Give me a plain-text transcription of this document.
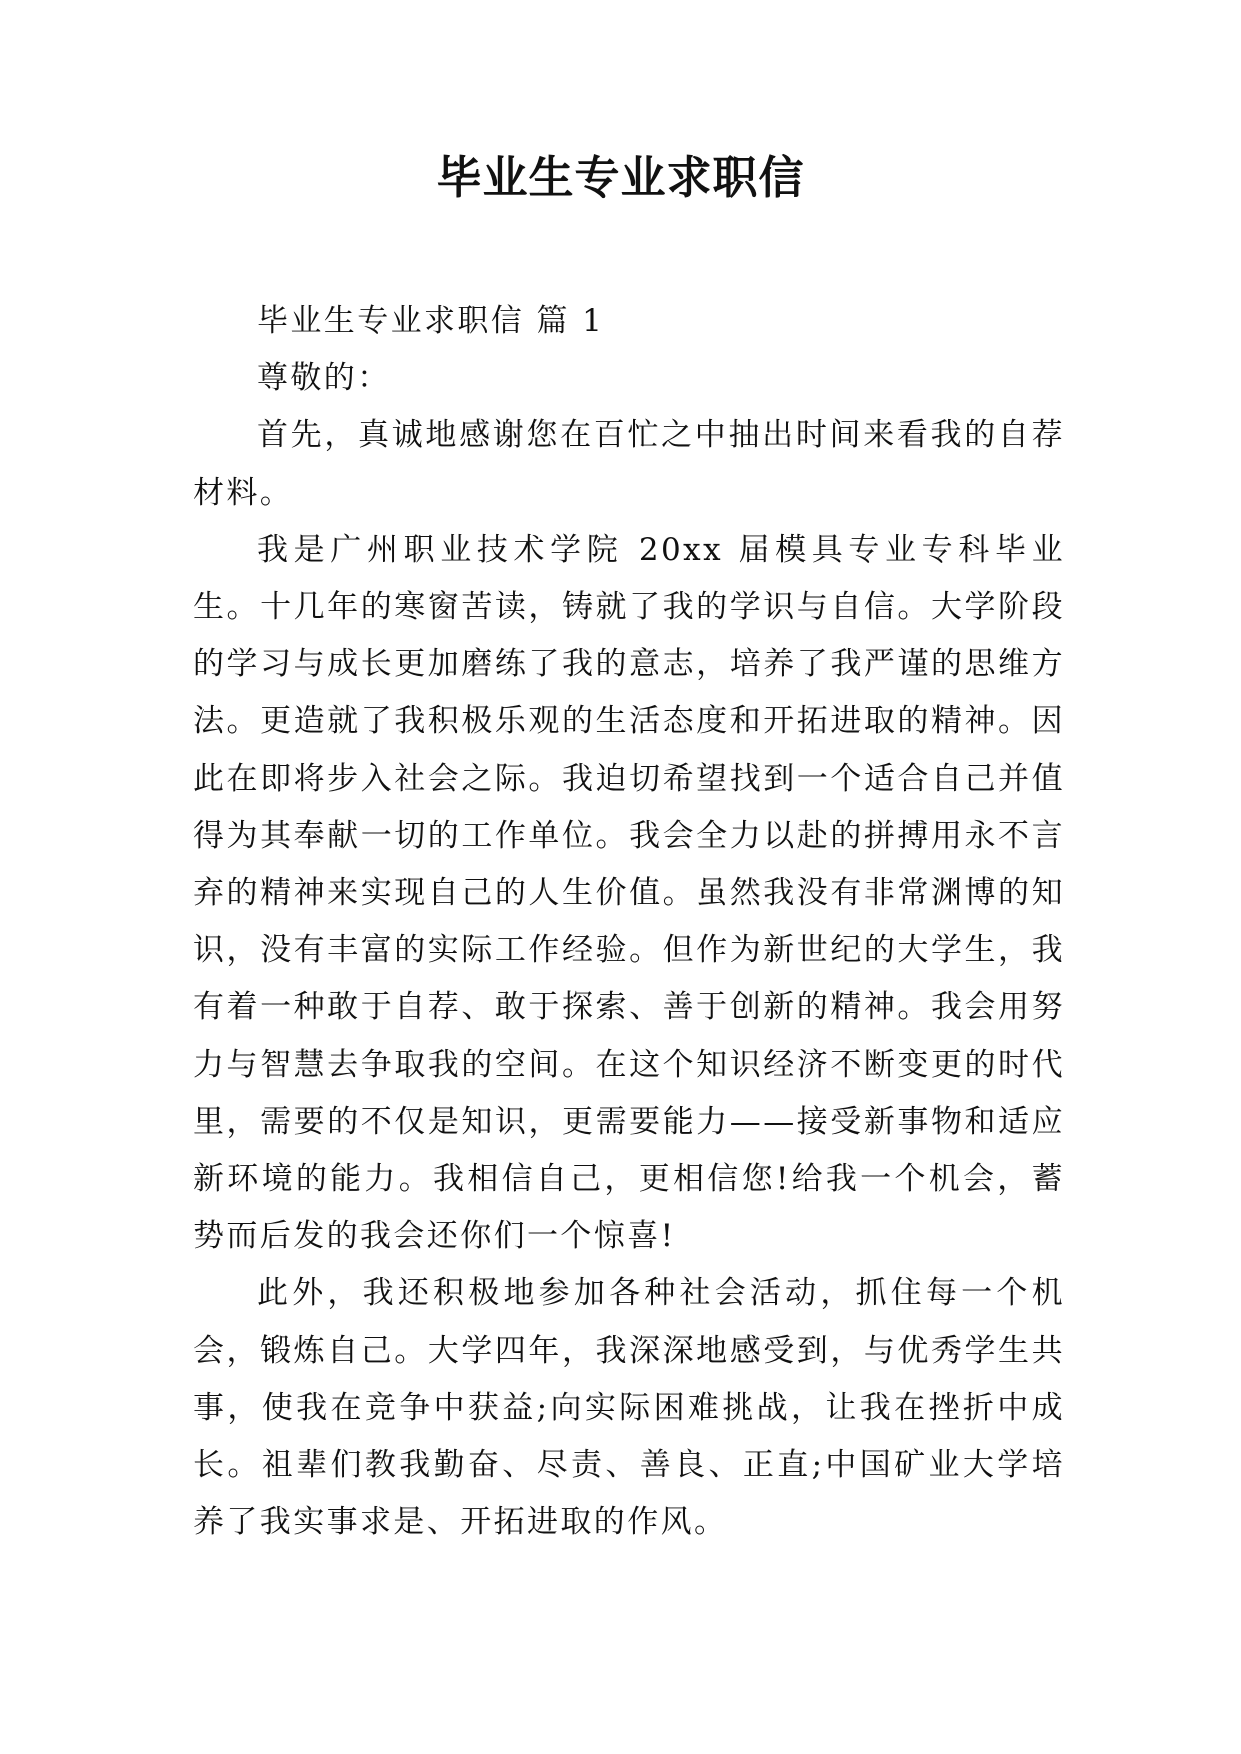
毕业生专业求职信

毕业生专业求职信 篇 1

尊敬的：

首先，真诚地感谢您在百忙之中抽出时间来看我的自荐材料。

我是广州职业技术学院 20xx 届模具专业专科毕业生。十几年的寒窗苦读，铸就了我的学识与自信。大学阶段的学习与成长更加磨练了我的意志，培养了我严谨的思维方法。更造就了我积极乐观的生活态度和开拓进取的精神。因此在即将步入社会之际。我迫切希望找到一个适合自己并值得为其奉献一切的工作单位。我会全力以赴的拼搏用永不言弃的精神来实现自己的人生价值。虽然我没有非常渊博的知识，没有丰富的实际工作经验。但作为新世纪的大学生，我有着一种敢于自荐、敢于探索、善于创新的精神。我会用努力与智慧去争取我的空间。在这个知识经济不断变更的时代里，需要的不仅是知识，更需要能力——接受新事物和适应新环境的能力。我相信自己，更相信您!给我一个机会，蓄势而后发的我会还你们一个惊喜!

此外，我还积极地参加各种社会活动，抓住每一个机会，锻炼自己。大学四年，我深深地感受到，与优秀学生共事，使我在竞争中获益;向实际困难挑战，让我在挫折中成长。祖辈们教我勤奋、尽责、善良、正直;中国矿业大学培养了我实事求是、开拓进取的作风。
